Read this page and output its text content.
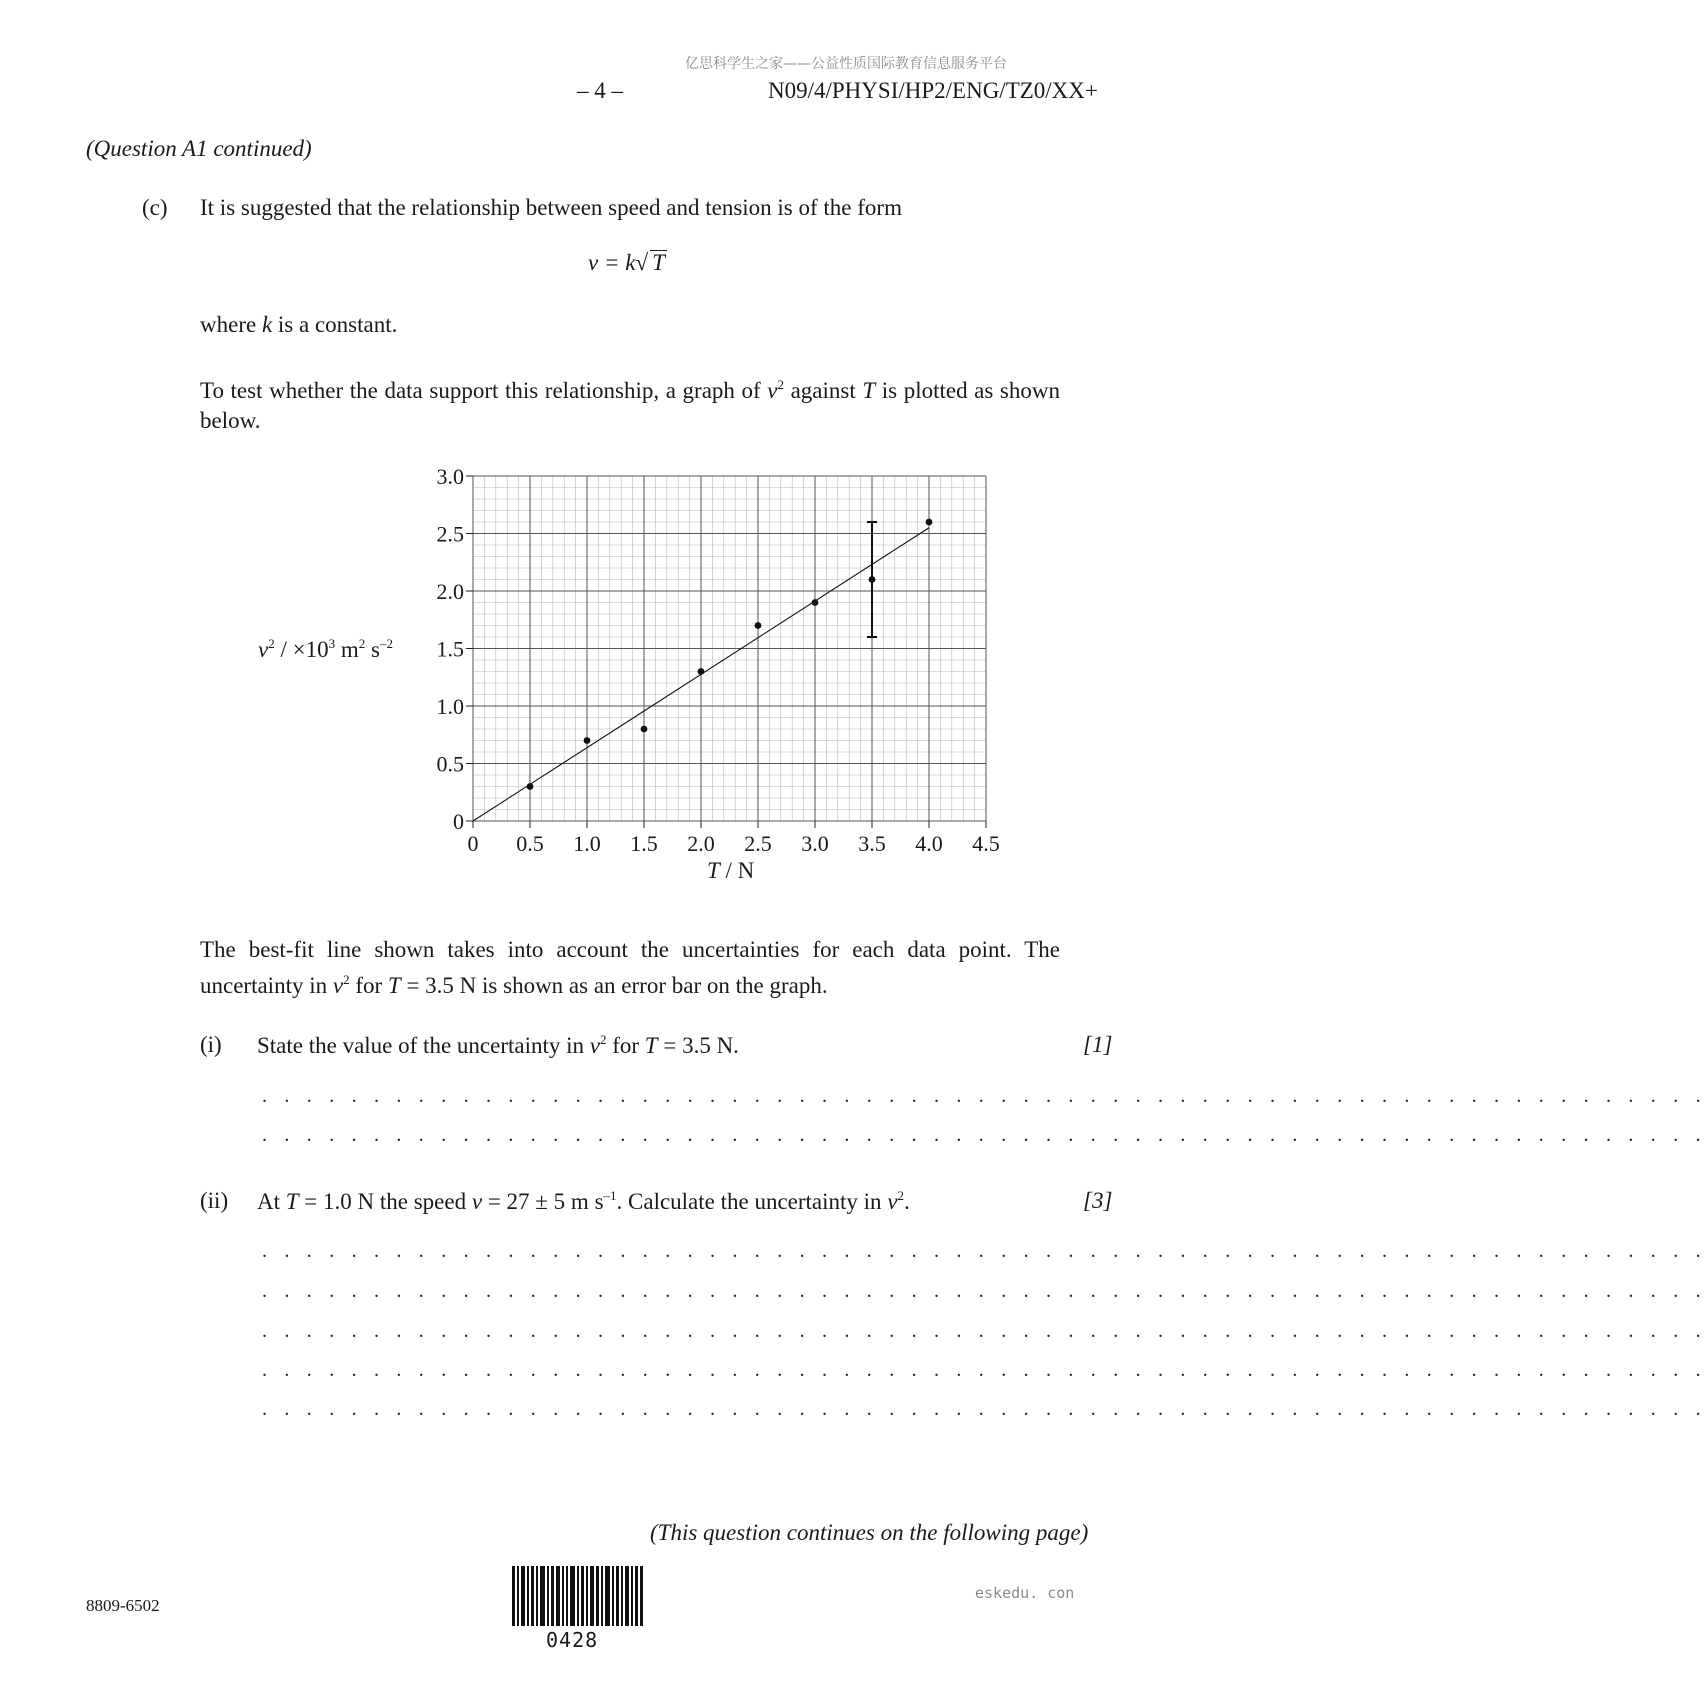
亿思科学生之家——公益性质国际教育信息服务平台
– 4 –	N09/4/PHYSI/HP2/ENG/TZ0/XX+
(Question A1 continued)
(c) It is suggested that the relationship between speed and tension is of the form
v = k√ T
where k is a constant.
To test whether the data support this relationship, a graph of $v^2$ against T is plotted as shown below.
$v^2 / \times 10^3$ $m^2$ $s^{-2}$
0 0.5 1.0 1.5 2.0 2.5 3.0 3.5 4.0 4.5
0
0.5
1.0
1.5
2.0
2.5
3.0
T / N
The best-fit line shown takes into account the uncertainties for each data point. The uncertainty in $v^2$ for T = 3.5 N is shown as an error bar on the graph.
(i) State the value of the uncertainty in $v^2$ for T = 3.5 N.	[1]
. . . . . . . . . . . . . . . . . . . . . . . . . . . . . . . . . . . . . . . . . . . . . . . . . . . . . . . . . . . . . . . . .
. . . . . . . . . . . . . . . . . . . . . . . . . . . . . . . . . . . . . . . . . . . . . . . . . . . . . . . . . . . . . . . . .
(ii) At T = 1.0 N the speed v = 27 ± 5 m $s^{-1}$. Calculate the uncertainty in $v^2$.	[3]
. . . . . . . . . . . . . . . . . . . . . . . . . . . . . . . . . . . . . . . . . . . . . . . . . . . . . . . . . . . . . . . . .
. . . . . . . . . . . . . . . . . . . . . . . . . . . . . . . . . . . . . . . . . . . . . . . . . . . . . . . . . . . . . . . . .
. . . . . . . . . . . . . . . . . . . . . . . . . . . . . . . . . . . . . . . . . . . . . . . . . . . . . . . . . . . . . . . . .
. . . . . . . . . . . . . . . . . . . . . . . . . . . . . . . . . . . . . . . . . . . . . . . . . . . . . . . . . . . . . . . . .
. . . . . . . . . . . . . . . . . . . . . . . . . . . . . . . . . . . . . . . . . . . . . . . . . . . . . . . . . . . . . . . . .
(This question continues on the following page)
8809-6502
eskedu. con
0428
